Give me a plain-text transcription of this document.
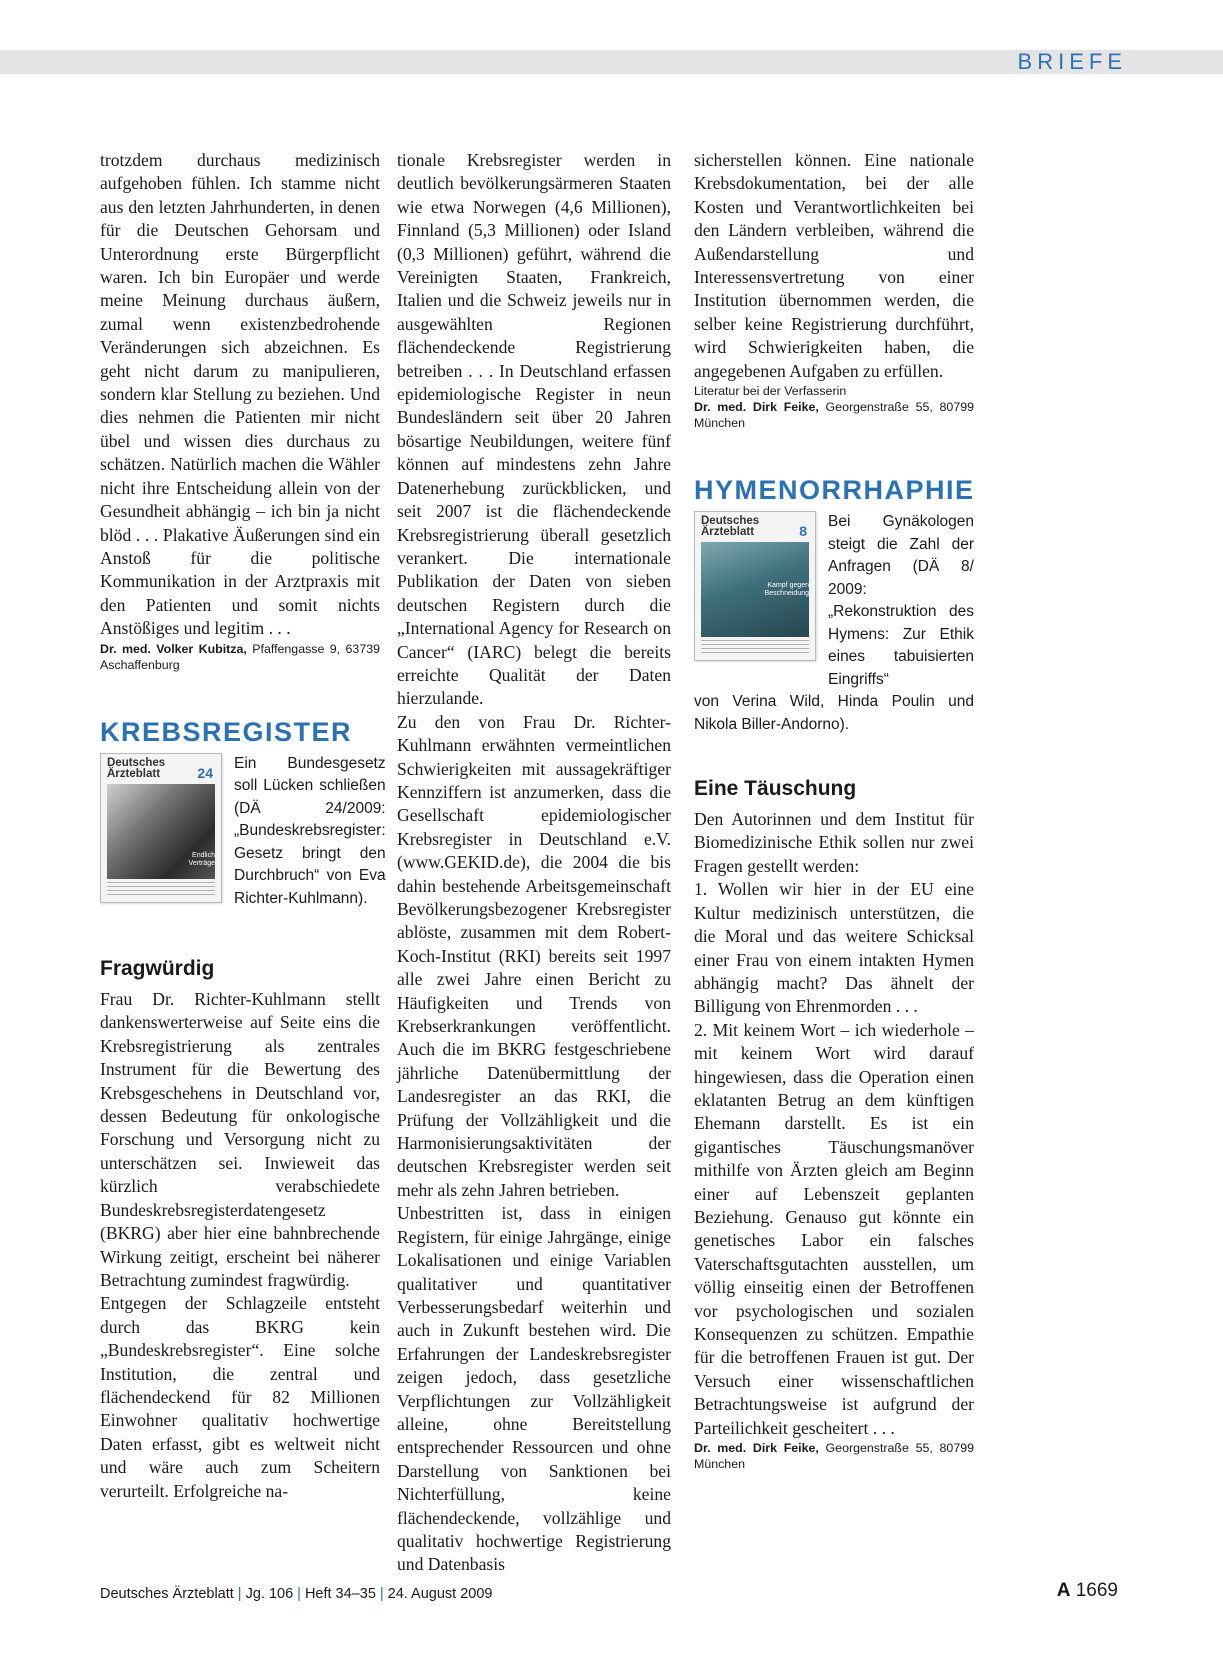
BRIEFE

trotzdem durchaus medizinisch aufgehoben fühlen. Ich stamme nicht aus den letzten Jahrhunderten, in denen für die Deutschen Gehorsam und Unterordnung erste Bürgerpflicht waren. Ich bin Europäer und werde meine Meinung durchaus äußern, zumal wenn existenzbedrohende Veränderungen sich abzeichnen. Es geht nicht darum zu manipulieren, sondern klar Stellung zu beziehen. Und dies nehmen die Patienten mir nicht übel und wissen dies durchaus zu schätzen. Natürlich machen die Wähler nicht ihre Entscheidung allein von der Gesundheit abhängig – ich bin ja nicht blöd . . . Plakative Äußerungen sind ein Anstoß für die politische Kommunikation in der Arztpraxis mit den Patienten und somit nichts Anstößiges und legitim . . .

Dr. med. Volker Kubitza, Pfaffengasse 9, 63739 Aschaffenburg

KREBSREGISTER
Deutsches Ärzteblatt	24
Endlich Verträge

Ein Bundesgesetz soll Lücken schließen (DÄ 24/2009: „Bundeskrebsregister: Gesetz bringt den Durchbruch“ von Eva Richter-Kuhlmann).

Fragwürdig

Frau Dr. Richter-Kuhlmann stellt dankenswerterweise auf Seite eins die Krebsregistrierung als zentrales Instrument für die Bewertung des Krebsgeschehens in Deutschland vor, dessen Bedeutung für onkologische Forschung und Versorgung nicht zu unterschätzen sei. Inwieweit das kürzlich verabschiedete Bundeskrebsregisterdatengesetz (BKRG) aber hier eine bahnbrechende Wirkung zeitigt, erscheint bei näherer Betrachtung zumindest fragwürdig.

Entgegen der Schlagzeile entsteht durch das BKRG kein „Bundeskrebsregister“. Eine solche Institution, die zentral und flächendeckend für 82 Millionen Einwohner qualitativ hochwertige Daten erfasst, gibt es weltweit nicht und wäre auch zum Scheitern verurteilt. Erfolgreiche na-

tionale Krebsregister werden in deutlich bevölkerungsärmeren Staaten wie etwa Norwegen (4,6 Millionen), Finnland (5,3 Millionen) oder Island (0,3 Millionen) geführt, während die Vereinigten Staaten, Frankreich, Italien und die Schweiz jeweils nur in ausgewählten Regionen flächendeckende Registrierung betreiben . . . In Deutschland erfassen epidemiologische Register in neun Bundesländern seit über 20 Jahren bösartige Neubildungen, weitere fünf können auf mindestens zehn Jahre Datenerhebung zurückblicken, und seit 2007 ist die flächendeckende Krebsregistrierung überall gesetzlich verankert. Die internationale Publikation der Daten von sieben deutschen Registern durch die „International Agency for Research on Cancer“ (IARC) belegt die bereits erreichte Qualität der Daten hierzulande.

Zu den von Frau Dr. Richter-Kuhlmann erwähnten vermeintlichen Schwierigkeiten mit aussagekräftiger Kennziffern ist anzumerken, dass die Gesellschaft epidemiologischer Krebsregister in Deutschland e.V. (www.GEKID.de), die 2004 die bis dahin bestehende Arbeitsgemeinschaft Bevölkerungsbezogener Krebsregister ablöste, zusammen mit dem Robert-Koch-Institut (RKI) bereits seit 1997 alle zwei Jahre einen Bericht zu Häufigkeiten und Trends von Krebserkrankungen veröffentlicht. Auch die im BKRG festgeschriebene jährliche Datenübermittlung der Landesregister an das RKI, die Prüfung der Vollzähligkeit und die Harmonisierungsaktivitäten der deutschen Krebsregister werden seit mehr als zehn Jahren betrieben.

Unbestritten ist, dass in einigen Registern, für einige Jahrgänge, einige Lokalisationen und einige Variablen qualitativer und quantitativer Verbesserungsbedarf weiterhin und auch in Zukunft bestehen wird. Die Erfahrungen der Landeskrebsregister zeigen jedoch, dass gesetzliche Verpflichtungen zur Vollzähligkeit alleine, ohne Bereitstellung entsprechender Ressourcen und ohne Darstellung von Sanktionen bei Nichterfüllung, keine flächendeckende, vollzählige und qualitativ hochwertige Registrierung und Datenbasis

sicherstellen können. Eine nationale Krebsdokumentation, bei der alle Kosten und Verantwortlichkeiten bei den Ländern verbleiben, während die Außendarstellung und Interessensvertretung von einer Institution übernommen werden, die selber keine Registrierung durchführt, wird Schwierigkeiten haben, die angegebenen Aufgaben zu erfüllen.

Literatur bei der Verfasserin

Dr. med. Dirk Feike, Georgenstraße 55, 80799 München

HYMENORRHAPHIE
Deutsches Ärzteblatt	8
Kampf gegen Beschneidung

Bei Gynäkologen steigt die Zahl der Anfragen (DÄ 8/ 2009: „Rekonstruktion des Hymens: Zur Ethik eines tabuisierten Eingriffs“

von Verina Wild, Hinda Poulin und Nikola Biller-Andorno).

Eine Täuschung

Den Autorinnen und dem Institut für Biomedizinische Ethik sollen nur zwei Fragen gestellt werden:

1. Wollen wir hier in der EU eine Kultur medizinisch unterstützen, die die Moral und das weitere Schicksal einer Frau von einem intakten Hymen abhängig macht? Das ähnelt der Billigung von Ehrenmorden . . .

2. Mit keinem Wort – ich wiederhole – mit keinem Wort wird darauf hingewiesen, dass die Operation einen eklatanten Betrug an dem künftigen Ehemann darstellt. Es ist ein gigantisches Täuschungsmanöver mithilfe von Ärzten gleich am Beginn einer auf Lebenszeit geplanten Beziehung. Genauso gut könnte ein genetisches Labor ein falsches Vaterschaftsgutachten ausstellen, um völlig einseitig einen der Betroffenen vor psychologischen und sozialen Konsequenzen zu schützen. Empathie für die betroffenen Frauen ist gut. Der Versuch einer wissenschaftlichen Betrachtungsweise ist aufgrund der Parteilichkeit gescheitert . . .

Dr. med. Dirk Feike, Georgenstraße 55, 80799 München

Deutsches Ärzteblatt | Jg. 106 | Heft 34–35 | 24. August 2009	A 1669
